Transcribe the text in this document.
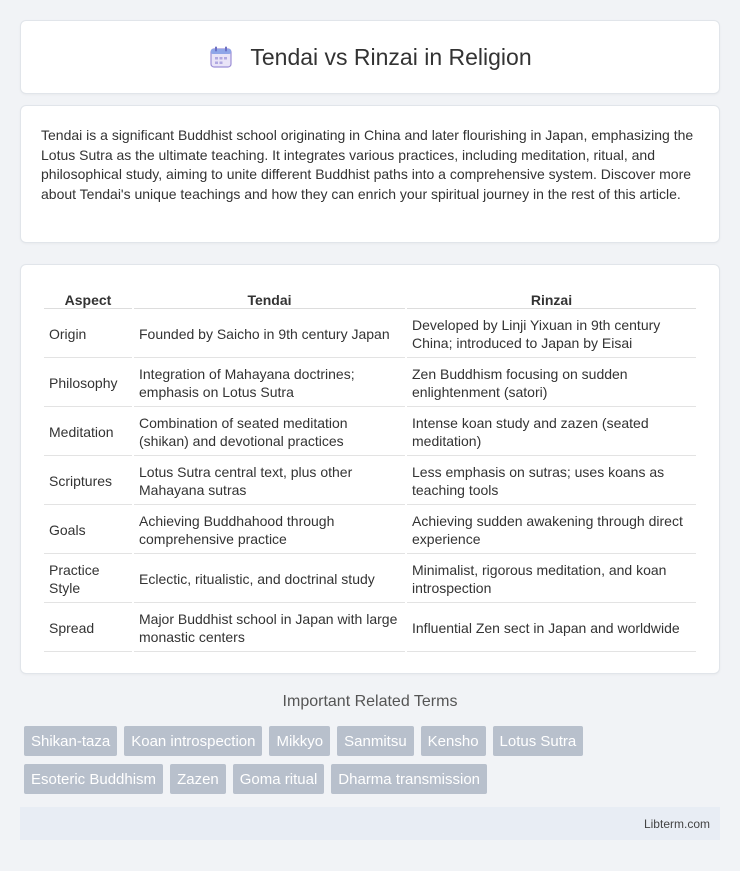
Tendai vs Rinzai in Religion

Tendai is a significant Buddhist school originating in China and later flourishing in Japan, emphasizing the Lotus Sutra as the ultimate teaching. It integrates various practices, including meditation, ritual, and philosophical study, aiming to unite different Buddhist paths into a comprehensive system. Discover more about Tendai's unique teachings and how they can enrich your spiritual journey in the rest of this article.

Aspect	Tendai	Rinzai
Origin	Founded by Saicho in 9th century Japan	Developed by Linji Yixuan in 9th century China; introduced to Japan by Eisai
Philosophy	Integration of Mahayana doctrines; emphasis on Lotus Sutra	Zen Buddhism focusing on sudden enlightenment (satori)
Meditation	Combination of seated meditation (shikan) and devotional practices	Intense koan study and zazen (seated meditation)
Scriptures	Lotus Sutra central text, plus other Mahayana sutras	Less emphasis on sutras; uses koans as teaching tools
Goals	Achieving Buddhahood through comprehensive practice	Achieving sudden awakening through direct experience
Practice Style	Eclectic, ritualistic, and doctrinal study	Minimalist, rigorous meditation, and koan introspection
Spread	Major Buddhist school in Japan with large monastic centers	Influential Zen sect in Japan and worldwide
Important Related Terms
Shikan-taza	Koan introspection	Mikkyo	Sanmitsu	Kensho	Lotus Sutra
Esoteric Buddhism	Zazen	Goma ritual	Dharma transmission
Libterm.com
